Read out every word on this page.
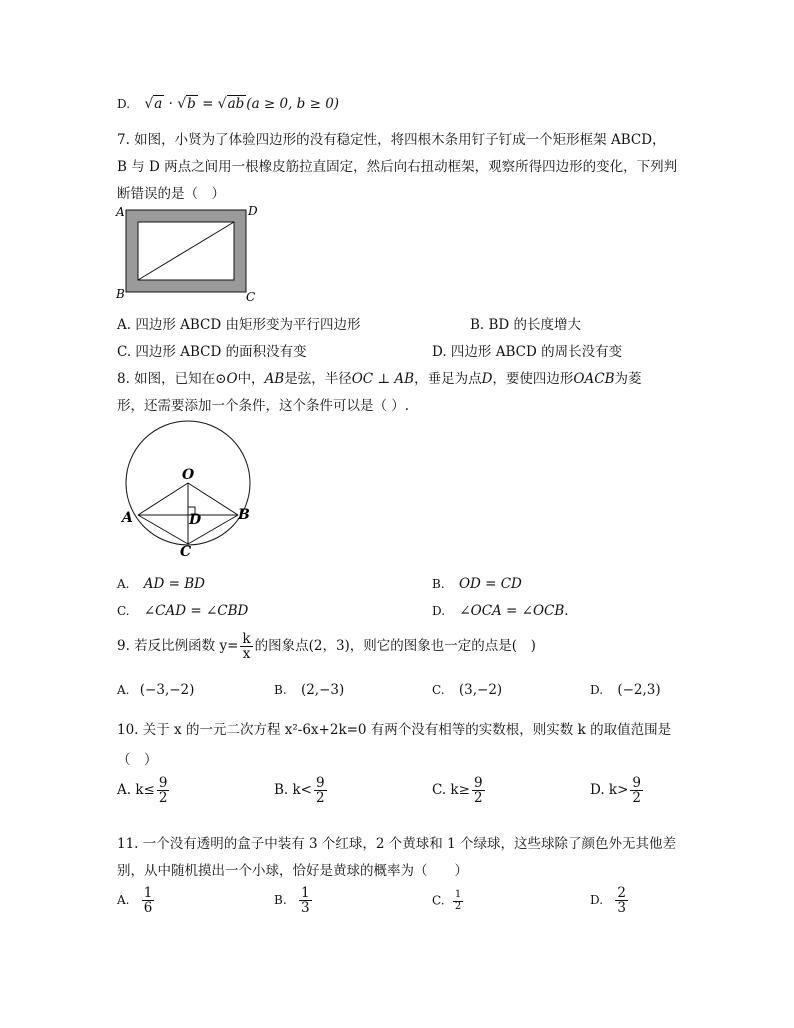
D. √a · √b = √ab (a ≥ 0, b ≥ 0)
7. 如图，小贤为了体验四边形的没有稳定性，将四根木条用钉子钉成一个矩形框架 ABCD，
B 与 D 两点之间用一根橡皮筋拉直固定，然后向右扭动框架，观察所得四边形的变化，下列判
断错误的是（　）
A	D
B	C
A. 四边形 ABCD 由矩形变为平行四边形	B. BD 的长度增大
C. 四边形 ABCD 的面积没有变	D. 四边形 ABCD 的周长没有变
8. 如图，已知在⊙O中，AB是弦，半径OC ⊥ AB，垂足为点D，要使四边形OACB为菱
形，还需要添加一个条件，这个条件可以是（ ）.
O
A	B
D
C
A. AD = BD	B. OD = CD
C. ∠CAD = ∠CBD	D. ∠OCA = ∠OCB.
9. 若反比例函数 $y= \frac{k}{x}$ 的图象点(2，3)，则它的图象也一定的点是(　)
A. (−3,−2)	B. (2,−3)	C. (3,−2)	D. (−2,3)
10. 关于 x 的一元二次方程 x²-6x+2k=0 有两个没有相等的实数根，则实数 k 的取值范围是
（　）
A. $k\le \frac{9}{2}$	B. $k< \frac{9}{2}$	C. $k\ge \frac{9}{2}$	D. $k> \frac{9}{2}$
11. 一个没有透明的盒子中装有 3 个红球，2 个黄球和 1 个绿球，这些球除了颜色外无其他差
别，从中随机摸出一个小球，恰好是黄球的概率为（　　）
A. $\frac{1}{6}$	B. $\frac{1}{3}$	C. $\frac{1}{2}$	D. $\frac{2}{3}$
